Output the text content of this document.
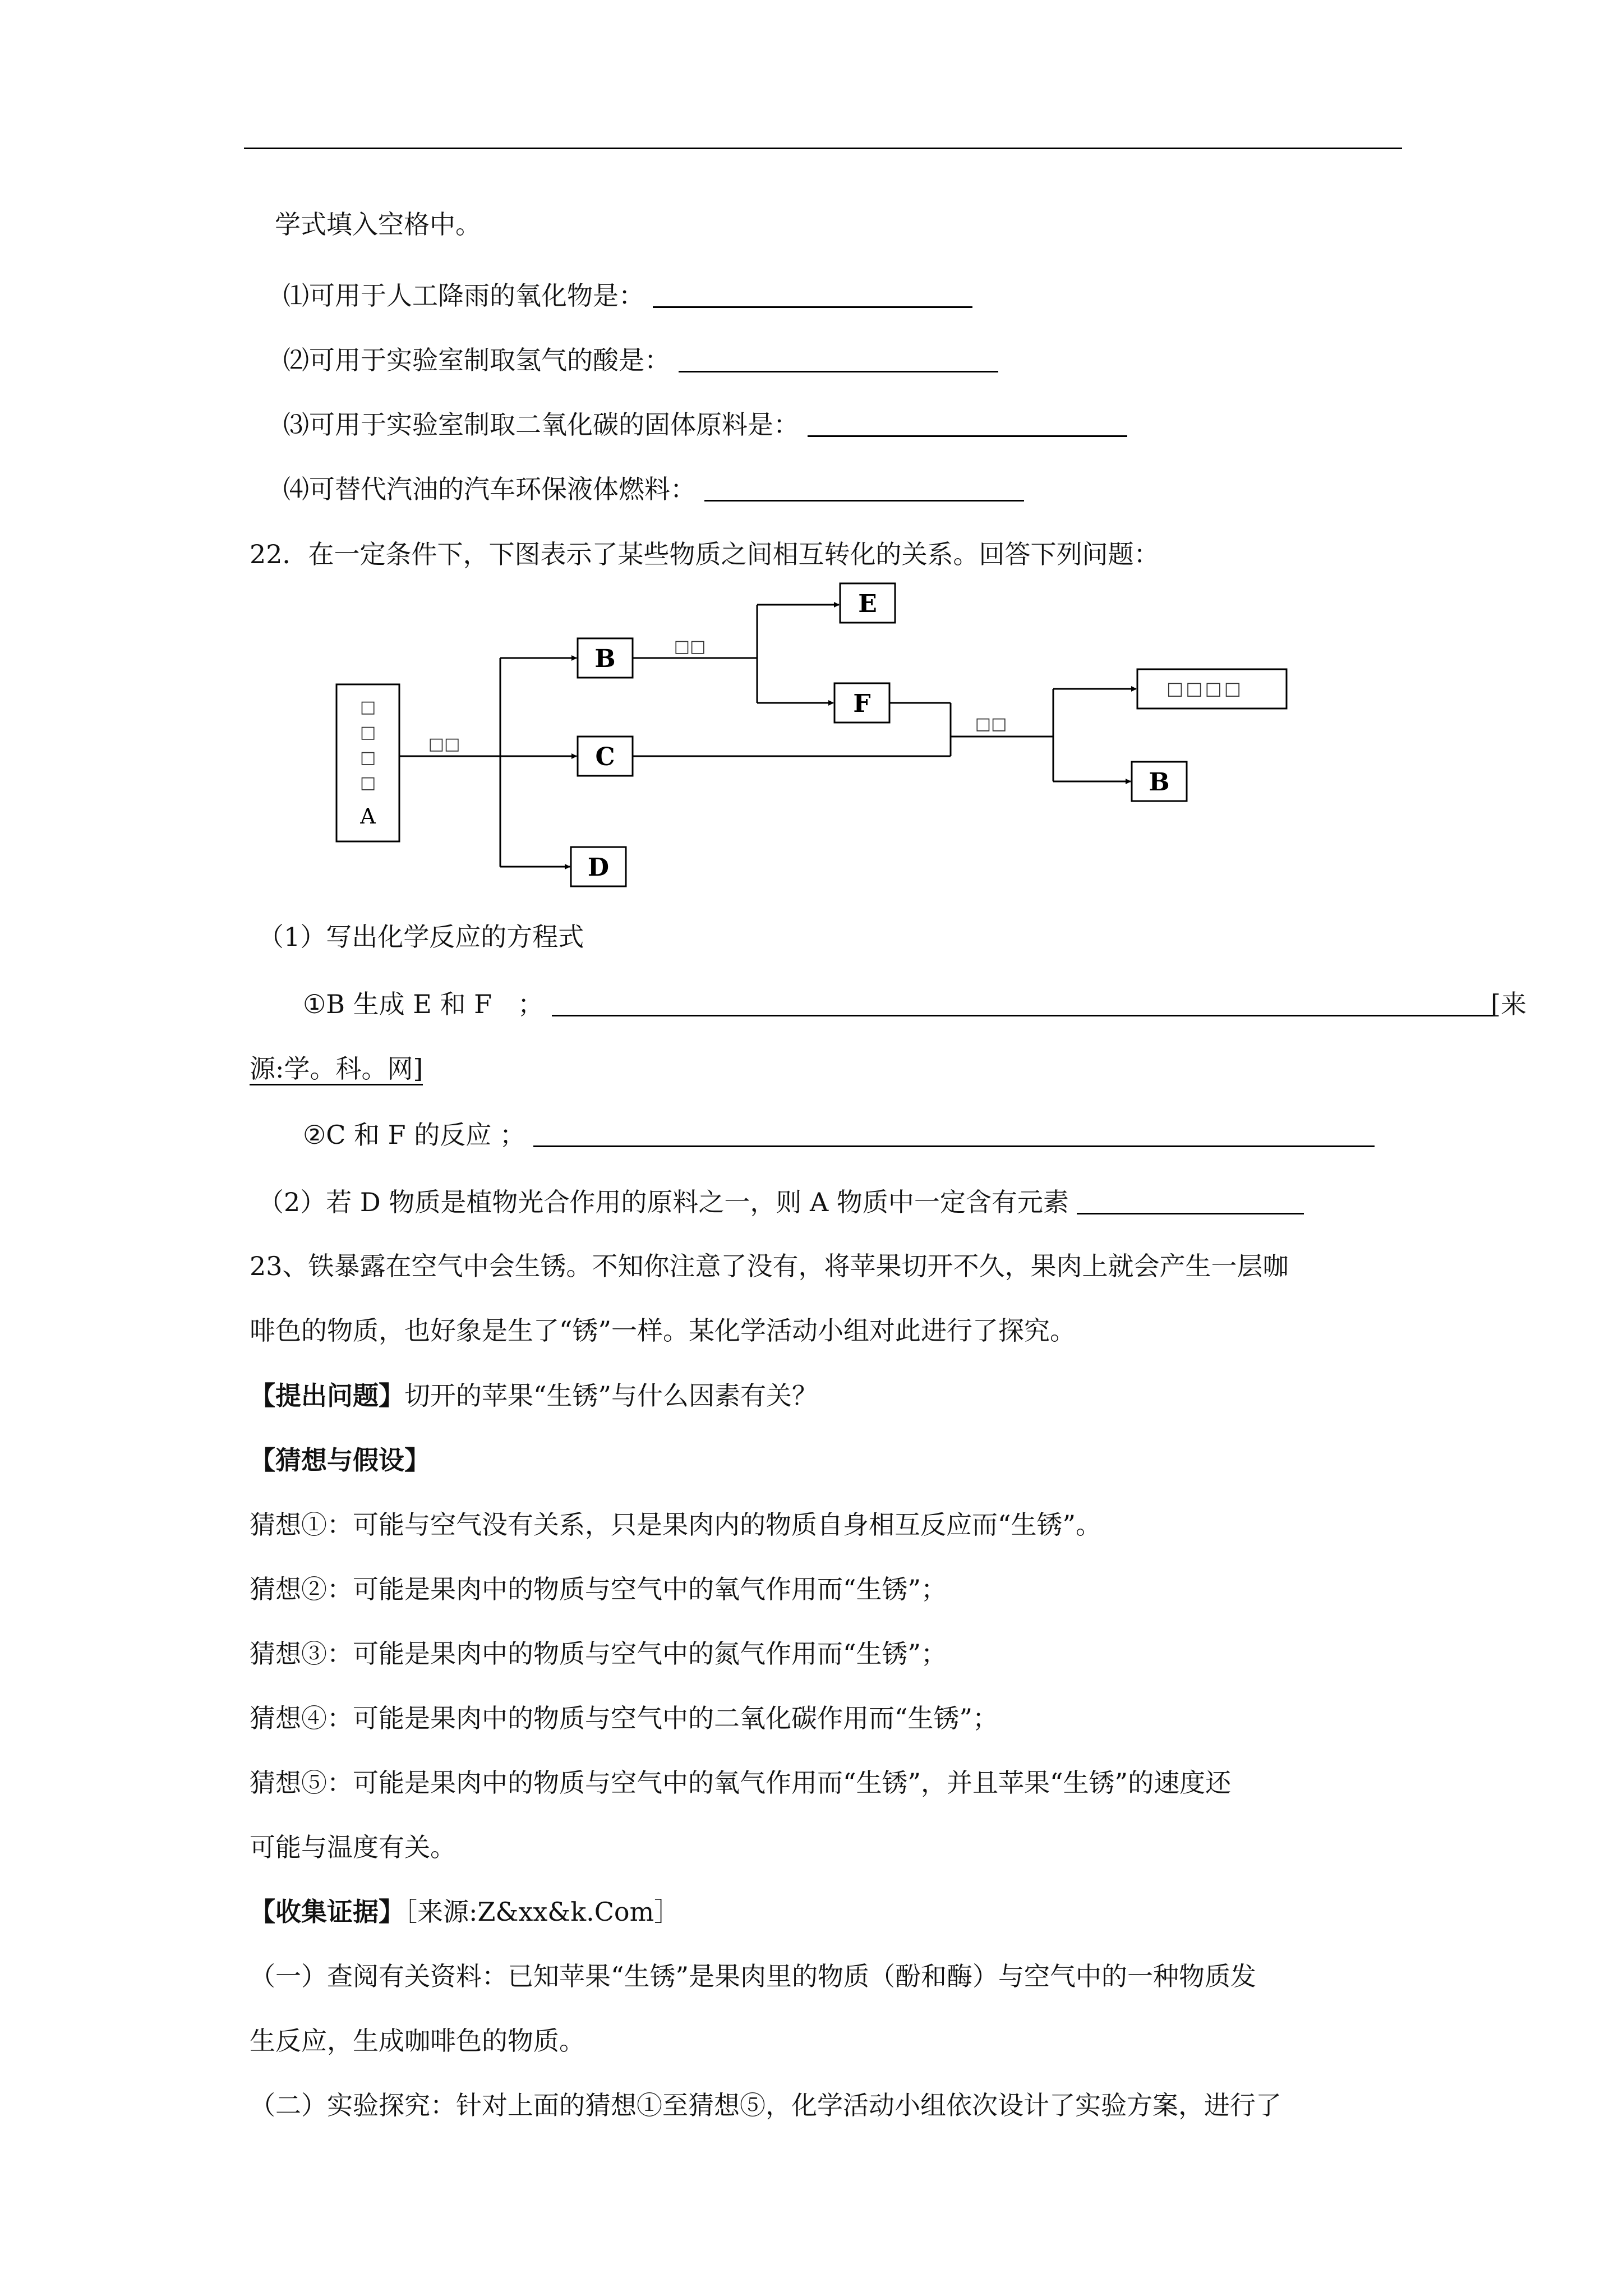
学式填入空格中。
⑴可用于人工降雨的氧化物是：
⑵可用于实验室制取氢气的酸是：
⑶可用于实验室制取二氧化碳的固体原料是：
⑷可替代汽油的汽车环保液体燃料：
22．在一定条件下，下图表示了某些物质之间相互转化的关系。回答下列问题：
□
□
□
□
A
B
C
D
E
F
B
□□□□
□□
□□
□□
（1）写出化学反应的方程式
①B 生成 E 和 F　；	[来
源:学。科。网]
②C 和 F 的反应 ；
（2）若 D 物质是植物光合作用的原料之一，则 A 物质中一定含有元素
23、铁暴露在空气中会生锈。不知你注意了没有，将苹果切开不久，果肉上就会产生一层咖
啡色的物质，也好象是生了“锈”一样。某化学活动小组对此进行了探究。
【提出问题】切开的苹果“生锈”与什么因素有关？
【猜想与假设】
猜想①：可能与空气没有关系，只是果肉内的物质自身相互反应而“生锈”。
猜想②：可能是果肉中的物质与空气中的氧气作用而“生锈”；
猜想③：可能是果肉中的物质与空气中的氮气作用而“生锈”；
猜想④：可能是果肉中的物质与空气中的二氧化碳作用而“生锈”；
猜想⑤：可能是果肉中的物质与空气中的氧气作用而“生锈”，并且苹果“生锈”的速度还
可能与温度有关。
【收集证据】［来源:Z&xx&k.Com］
（一）查阅有关资料：已知苹果“生锈”是果肉里的物质（酚和酶）与空气中的一种物质发
生反应，生成咖啡色的物质。
（二）实验探究：针对上面的猜想①至猜想⑤，化学活动小组依次设计了实验方案，进行了
